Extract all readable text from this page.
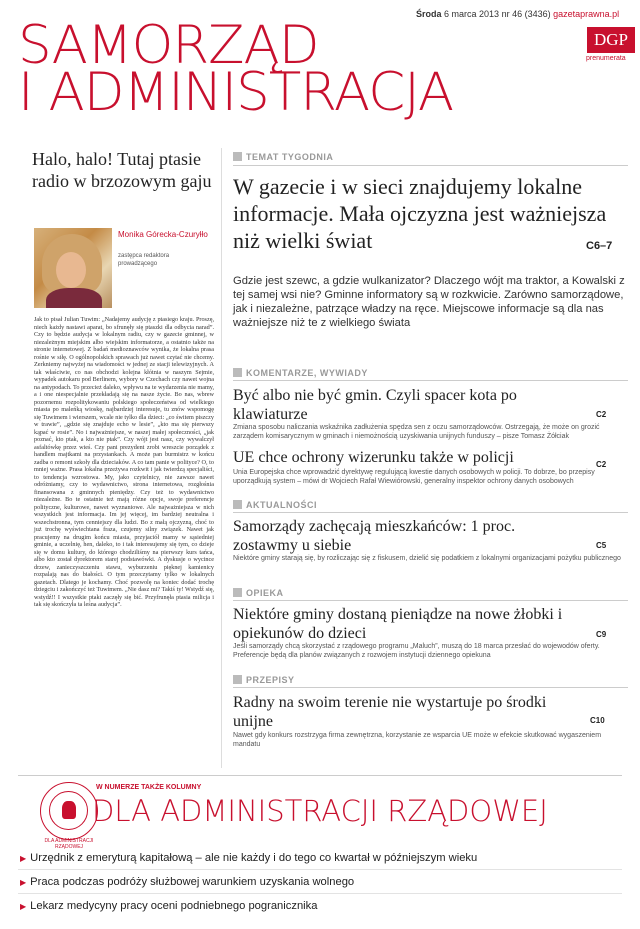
Środa 6 marca 2013 nr 46 (3436) gazetaprawna.pl
SAMORZĄD
I ADMINISTRACJA
DGP
prenumerata
Halo, halo! Tutaj ptasie radio w brzozowym gaju
Monika Górecka-Czuryłło
zastępca redaktora prowadzącego

Jak to pisał Julian Tuwim: „Nadajemy audycję z ptasiego kraju. Proszę, niech każdy nastawi aparat, bo sfrunęły się ptaszki dla odbycia narad”. Czy to będzie audycja w lokalnym radiu, czy w gazecie gminnej, w niezależnym miejskim albo wiejskim informatorze, a ostatnio także na stronie internetowej. Z badań medioznawców wynika, że lokalna prasa rośnie w siłę. O ogólnopolskich sprawach już nawet czytać nie chcemy. Zerkniemy najwyżej na wiadomości w jednej ze stacji telewizyjnych. A tak właściwie, co nas obchodzi kolejna kłótnia w naszym Sejmie, wypadek autokaru pod Berlinem, wybory w Czechach czy nawet wojna na antypodach. To przecież daleko, wpływu na te wydarzenia nie mamy, a i one niespecjalnie przekładają się na nasze życie. Bo nas, wbrew pozornemu rozpolitykowaniu polskiego społeczeństwa od wielkiego miasta po maleńką wioskę, najbardziej interesuje, tu znów wspomogę się Tuwimem i wierszem, wcale nie tylko dla dzieci: „co świtem piszczy w trawie”, „gdzie się znajduje echo w lesie”, „kto ma się pierwszy kąpać w rosie”. No i najważniejsze, w naszej małej społeczności, „jak poznać, kto ptak, a kto nie ptak”. Czy wójt jest nasz, czy wywalczył asfaltówkę przez wieś. Czy pani prezydent zrobi wreszcie porządek z handlem majtkami na przystankach. A może pan burmistrz w końcu zadba o remont szkoły dla dzieciaków. A co tam panie w polityce? O, to mniej ważne. Prasa lokalna przeżywa rozkwit i jak twierdzą specjaliści, to tendencja wzrostowa. My, jako czytelnicy, nie zawsze nawet odróżniamy, czy to wydawnictwo, strona internetowa, rozgłośnia finansowana z gminnych pieniędzy. Czy też to wydawnictwo niezależne. Bo te ostatnie też mają różne opcje, swoje preferencje polityczne, kulturowe, nawet wyznaniowe. Ale najważniejsza w nich wszystkich jest informacja. Im jej więcej, im bardziej neutralna i wszechstronna, tym cenniejszy dla ludzi. Bo z małą ojczyzną, choć to już trochę wyświechtana fraza, czujemy silny związek. Nawet jak pracujemy na drugim końcu miasta, przyjaciół mamy w sąsiedniej gminie, a uczelnię, hen, daleko, to i tak interesujemy się tym, co dzieje się w domu kultury, do którego chodziliśmy na pierwszy kurs tańca, albo kto został dyrektorem starej podstawówki. A dyskusje o wycince drzew, zanieczyszczeniu stawu, wyburzeniu pięknej kamienicy rozpalają nas do białości. O tym przeczytamy tylko w lokalnych gazetach. Dlatego je kochamy. Choć pozwolę na koniec dodać trochę dziegciu i zakończyć też Tuwimem. „Nie dasz mi? Takiś ty! Wstydź się, wstydź!! I wszystkie ptaki zaczęły się bić. Przyfrunęła ptasia milicja i tak się skończyła ta leśna audycja”.

TEMAT TYGODNIA
W gazecie i w sieci znajdujemy lokalne informacje. Mała ojczyzna jest ważniejsza niż wielki świat	C6–7
Gdzie jest szewc, a gdzie wulkanizator? Dlaczego wójt ma traktor, a Kowalski z tej samej wsi nie? Gminne informatory są w rozkwicie. Zarówno samorządowe, jak i niezależne, patrzące władzy na ręce. Miejscowe informacje są dla nas ważniejsze niż te z wielkiego świata
KOMENTARZE, WYWIADY
Być albo nie być gmin. Czyli spacer kota po klawiaturze	C2
Zmiana sposobu naliczania wskaźnika zadłużenia spędza sen z oczu samorządowców. Ostrzegają, że może on grozić zarządem komisarycznym w gminach i niemożnością uzyskiwania unijnych funduszy – pisze Tomasz Żółciak
UE chce ochrony wizerunku także w policji	C2
Unia Europejska chce wprowadzić dyrektywę regulującą kwestie danych osobowych w policji. To dobrze, bo przepisy uporządkują system – mówi dr Wojciech Rafał Wiewiórowski, generalny inspektor ochrony danych osobowych
AKTUALNOŚCI
Samorządy zachęcają mieszkańców: 1 proc. zostawmy u siebie	C5
Niektóre gminy starają się, by rozliczając się z fiskusem, dzielić się podatkiem z lokalnymi organizacjami pożytku publicznego
OPIEKA
Niektóre gminy dostaną pieniądze na nowe żłobki i opiekunów do dzieci	C9
Jeśli samorządy chcą skorzystać z rządowego programu „Maluch”, muszą do 18 marca przesłać do wojewodów oferty. Preferencje będą dla planów związanych z rozwojem instytucji dziennego opiekuna
PRZEPISY
Radny na swoim terenie nie wystartuje po środki unijne	C10
Nawet gdy konkurs rozstrzyga firma zewnętrzna, korzystanie ze wsparcia UE może w efekcie skutkować wygaszeniem mandatu
DLA ADMINISTRACJI RZĄDOWEJ
W NUMERZE TAKŻE KOLUMNY
DLA ADMINISTRACJI RZĄDOWEJ
▶ Urzędnik z emeryturą kapitałową – ale nie każdy i do tego co kwartał w późniejszym wieku
▶ Praca podczas podróży służbowej warunkiem uzyskania wolnego
▶ Lekarz medycyny pracy oceni podniebnego pogranicznika
